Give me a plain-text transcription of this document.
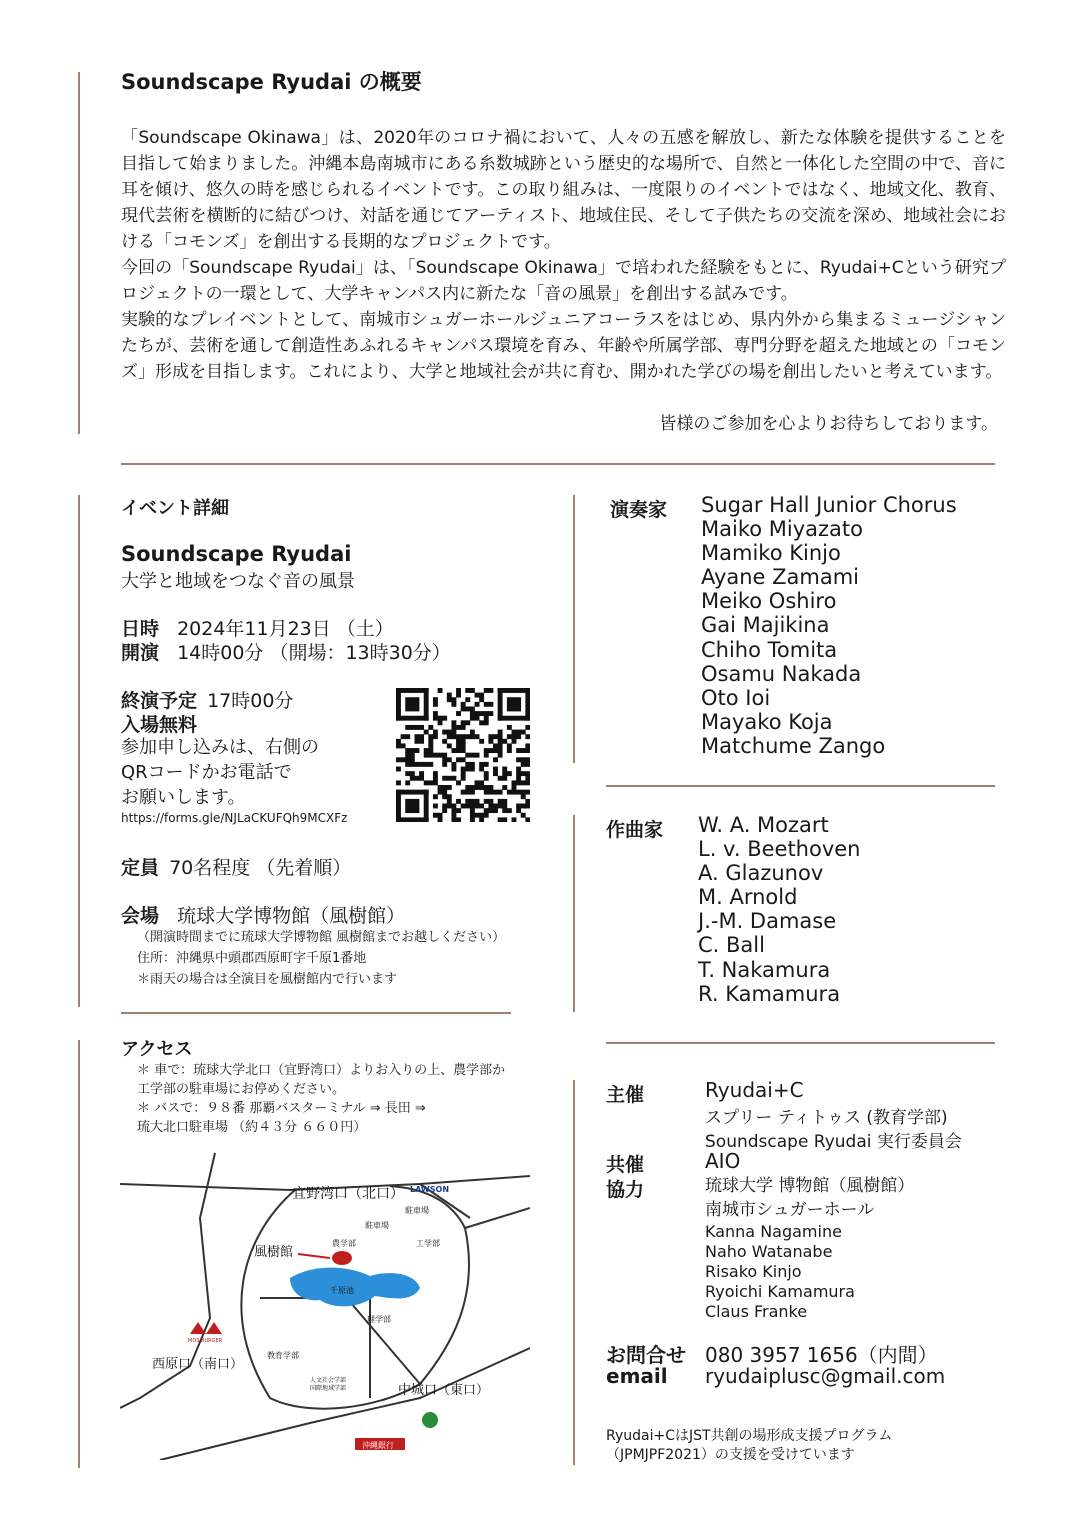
Soundscape Ryudai の概要

「Soundscape Okinawa」は、2020年のコロナ禍において、人々の五感を解放し、新たな体験を提供することを目指して始まりました。沖縄本島南城市にある糸数城跡という歴史的な場所で、自然と一体化した空間の中で、音に耳を傾け、悠久の時を感じられるイベントです。この取り組みは、一度限りのイベントではなく、地域文化、教育、現代芸術を横断的に結びつけ、対話を通じてアーティスト、地域住民、そして子供たちの交流を深め、地域社会における「コモンズ」を創出する長期的なプロジェクトです。

今回の「Soundscape Ryudai」は、「Soundscape Okinawa」で培われた経験をもとに、Ryudai+Cという研究プロジェクトの一環として、大学キャンパス内に新たな「音の風景」を創出する試みです。

実験的なプレイベントとして、南城市シュガーホールジュニアコーラスをはじめ、県内外から集まるミュージシャンたちが、芸術を通して創造性あふれるキャンパス環境を育み、年齢や所属学部、専門分野を超えた地域との「コモンズ」形成を目指します。これにより、大学と地域社会が共に育む、開かれた学びの場を創出したいと考えています。

皆様のご参加を心よりお待ちしております。
イベント詳細
Soundscape Ryudai
大学と地域をつなぐ音の風景
日時 2024年11月23日 （土）
開演 14時00分 （開場：13時30分）
終演予定 17時00分
入場無料
参加申し込みは、右側の
QRコードかお電話で
お願いします。
https://forms.gle/NJLaCKUFQh9MCXFz
定員 70名程度 （先着順）
会場 琉球大学博物館（風樹館）
（開演時間までに琉球大学博物館 風樹館までお越しください）
住所：沖縄県中頭郡西原町字千原1番地
＊雨天の場合は全演目を風樹館内で行います
アクセス
＊ 車で：琉球大学北口（宜野湾口）よりお入りの上、農学部か
工学部の駐車場にお停めください。
＊ バスで：９８番 那覇バスターミナル ⇒ 長田 ⇒
琉大北口駐車場 （約４３分 ６６０円）
宜野湾口（北口） LAWSON
駐車場
駐車場
農学部	工学部
風樹館
千原池
理学部
教育学部
人文社会学部
国際地域学部
西原口（南口）
中城口（東口）
沖縄銀行
MOS BURGER
演奏家 Sugar Hall Junior Chorus
Maiko Miyazato
Mamiko Kinjo
Ayane Zamami
Meiko Oshiro
Gai Majikina
Chiho Tomita
Osamu Nakada
Oto Ioi
Mayako Koja
Matchume Zango
作曲家 W. A. Mozart
L. v. Beethoven
A. Glazunov
M. Arnold
J.-M. Damase
C. Ball
T. Nakamura
R. Kamamura
主催	Ryudai+C
スプリー ティトゥス (教育学部)
Soundscape Ryudai 実行委員会
共催	AIO
協力	琉球大学 博物館（風樹館）
南城市シュガーホール
Kanna Nagamine
Naho Watanabe
Risako Kinjo
Ryoichi Kamamura
Claus Franke
お問合せ 080 3957 1656（内間）
email ryudaiplusc@gmail.com
Ryudai+CはJST共創の場形成支援プログラム
（JPMJPF2021）の支援を受けています
